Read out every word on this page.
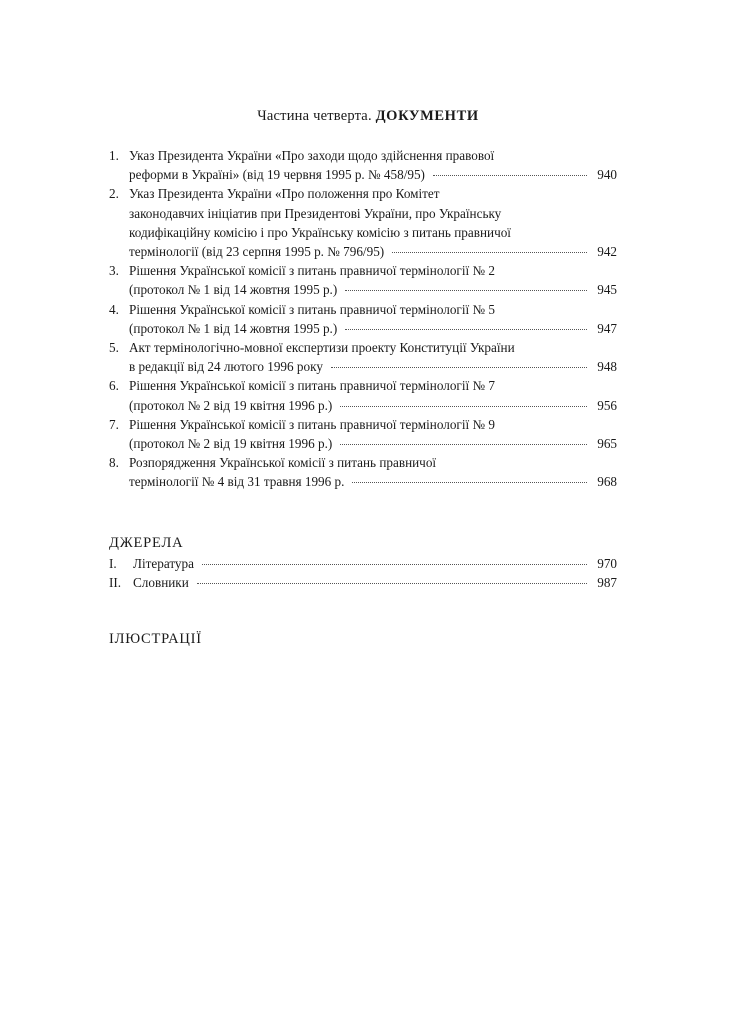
Частина четверта. ДОКУМЕНТИ
1. Указ Президента України «Про заходи щодо здійснення правової
реформи в Україні» (від 19 червня 1995 р. № 458/95)	940
2. Указ Президента України «Про положення про Комітет
законодавчих ініціатив при Президентові України, про Українську
кодифікаційну комісію і про Українську комісію з питань правничої
термінології (від 23 серпня 1995 р. № 796/95)	942
3. Рішення Української комісії з питань правничої термінології № 2
(протокол № 1 від 14 жовтня 1995 р.)	945
4. Рішення Української комісії з питань правничої термінології № 5
(протокол № 1 від 14 жовтня 1995 р.)	947
5. Акт термінологічно-мовної експертизи проекту Конституції України
в редакції від 24 лютого 1996 року	948
6. Рішення Української комісії з питань правничої термінології № 7
(протокол № 2 від 19 квітня 1996 р.)	956
7. Рішення Української комісії з питань правничої термінології № 9
(протокол № 2 від 19 квітня 1996 р.)	965
8. Розпорядження Української комісії з питань правничої
термінології № 4 від 31 травня 1996 р.	968
ДЖЕРЕЛА
I.	Література	970
II. Словники	987
ІЛЮСТРАЦІЇ
